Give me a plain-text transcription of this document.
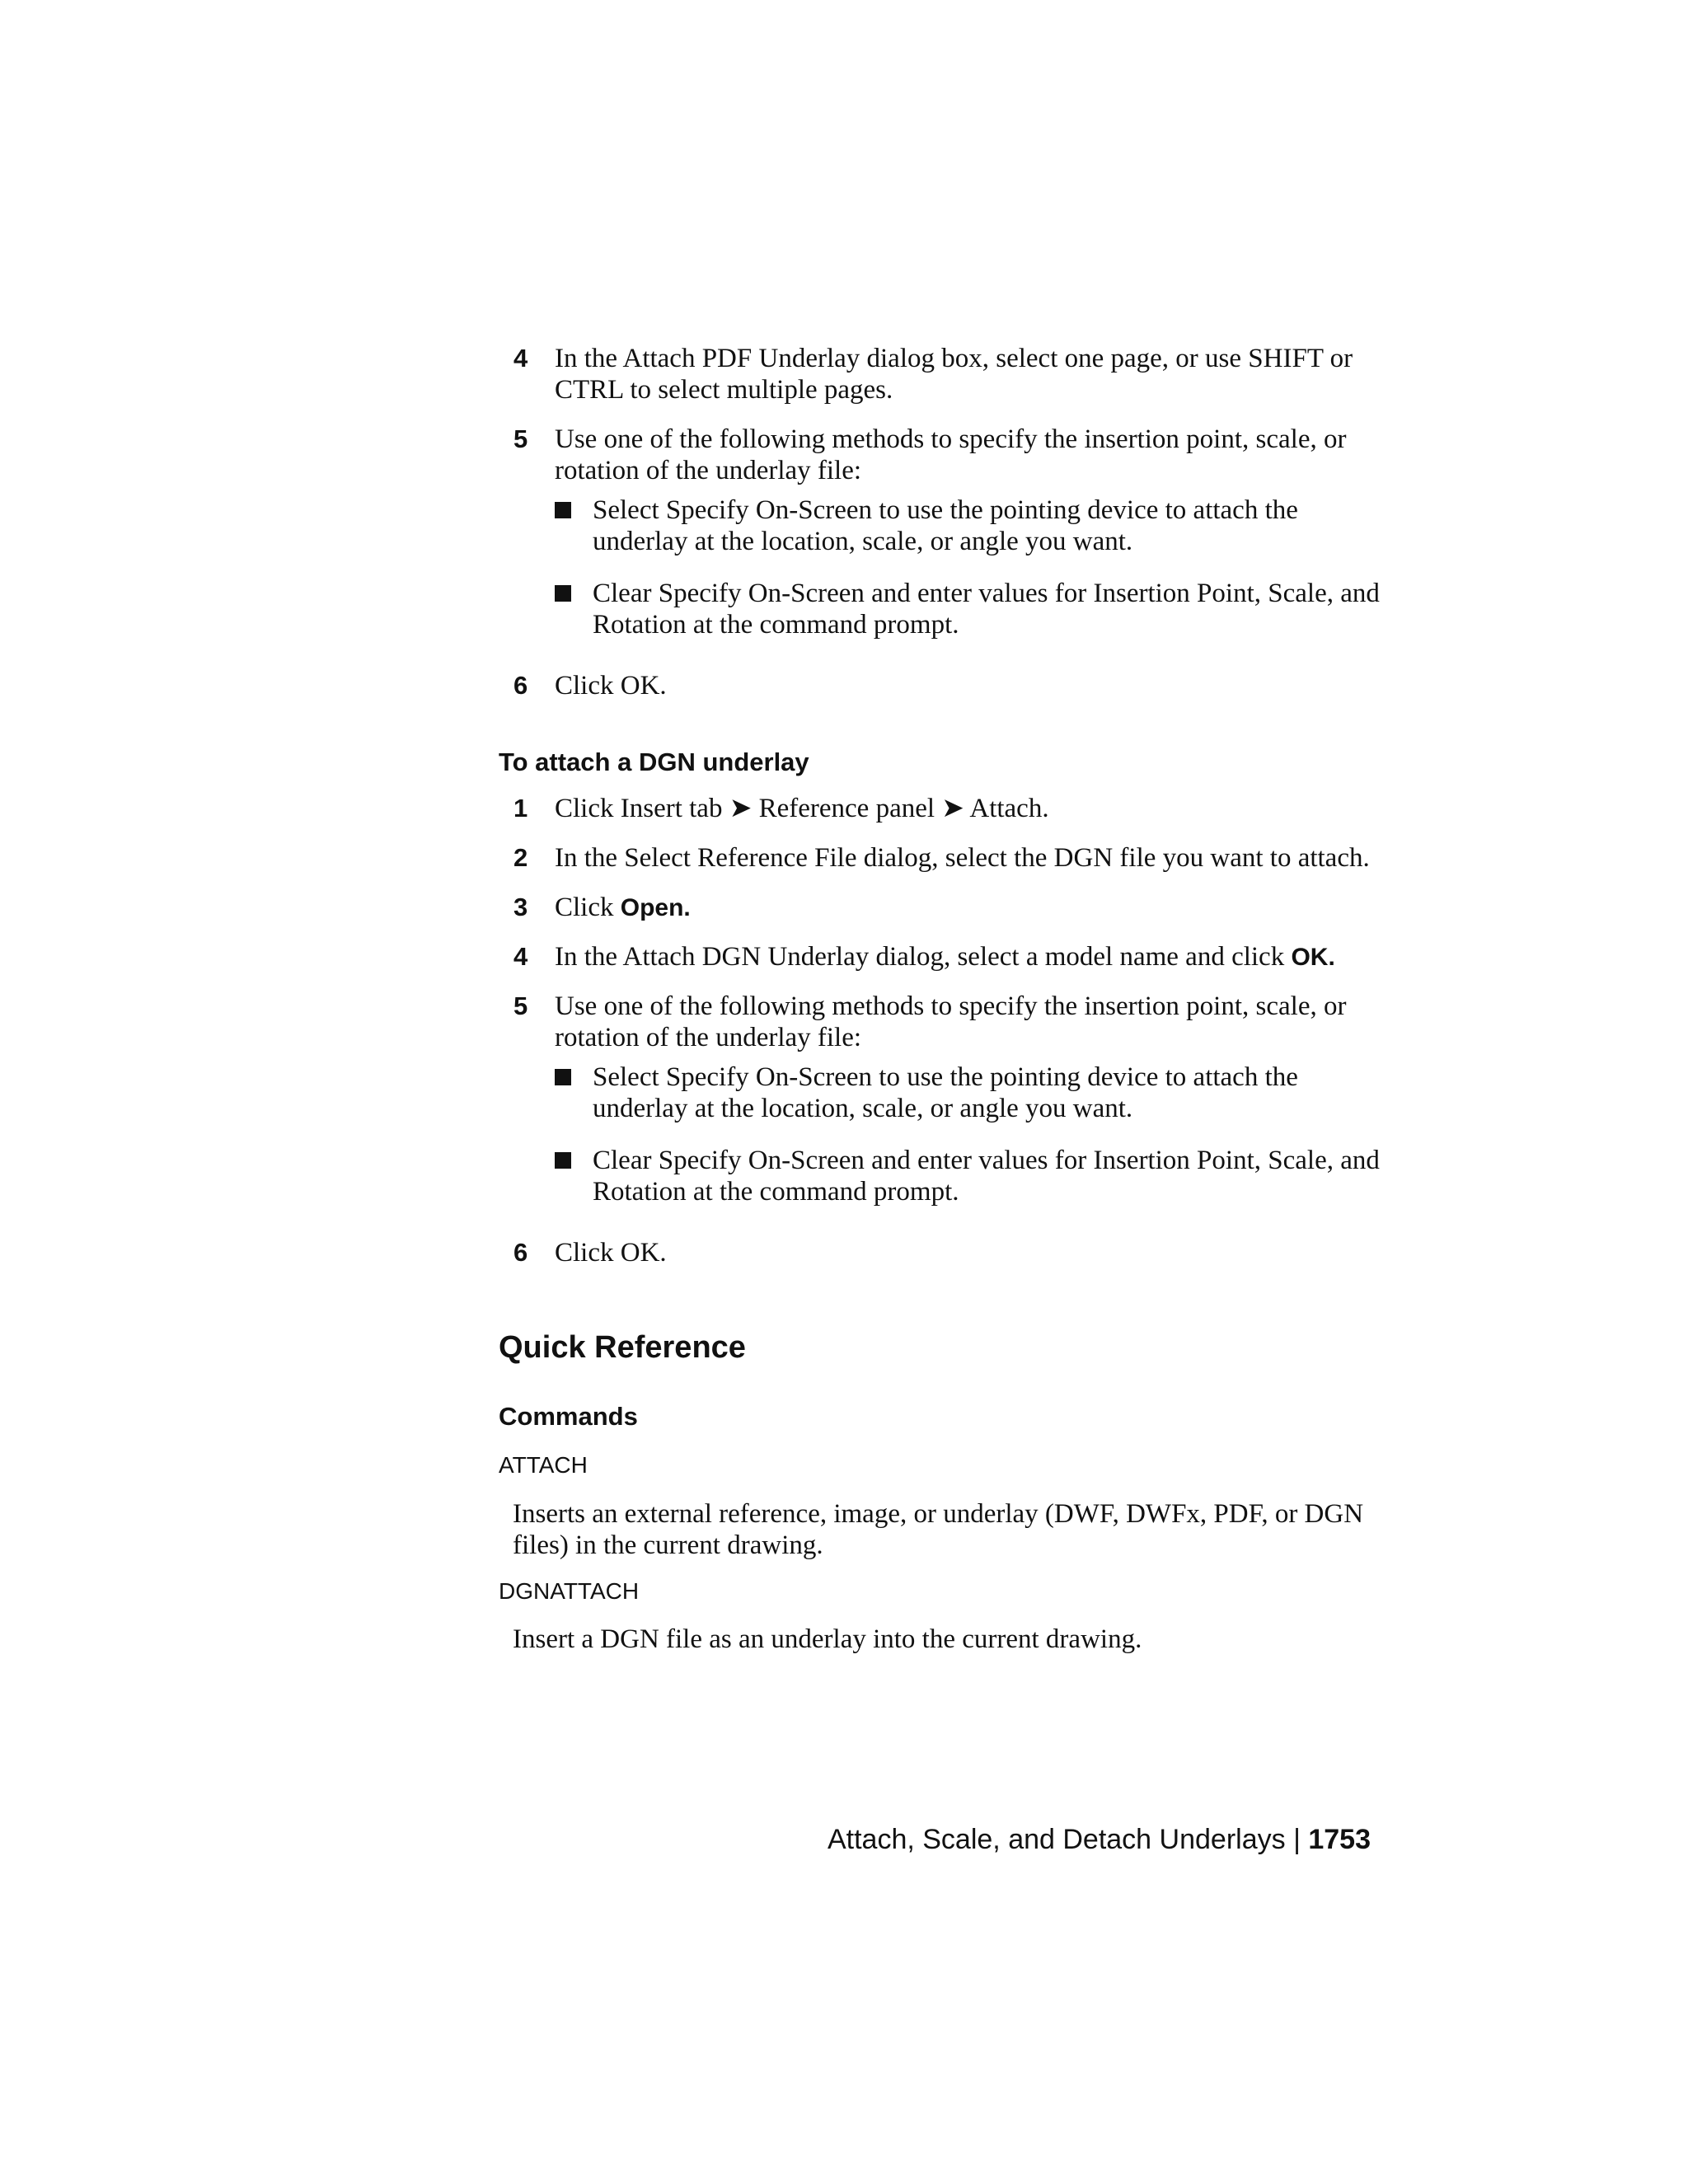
4 In the Attach PDF Underlay dialog box, select one page, or use SHIFT or CTRL to select multiple pages.
5 Use one of the following methods to specify the insertion point, scale, or rotation of the underlay file:
Select Specify On-Screen to use the pointing device to attach the underlay at the location, scale, or angle you want.
Clear Specify On-Screen and enter values for Insertion Point, Scale, and Rotation at the command prompt.
6 Click OK.
To attach a DGN underlay
1 Click Insert tab ➤ Reference panel ➤ Attach.
2 In the Select Reference File dialog, select the DGN file you want to attach.
3 Click Open.
4 In the Attach DGN Underlay dialog, select a model name and click OK.
5 Use one of the following methods to specify the insertion point, scale, or rotation of the underlay file:
Select Specify On-Screen to use the pointing device to attach the underlay at the location, scale, or angle you want.
Clear Specify On-Screen and enter values for Insertion Point, Scale, and Rotation at the command prompt.
6 Click OK.
Quick Reference
Commands
ATTACH
Inserts an external reference, image, or underlay (DWF, DWFx, PDF, or DGN files) in the current drawing.
DGNATTACH
Insert a DGN file as an underlay into the current drawing.
Attach, Scale, and Detach Underlays | 1753
